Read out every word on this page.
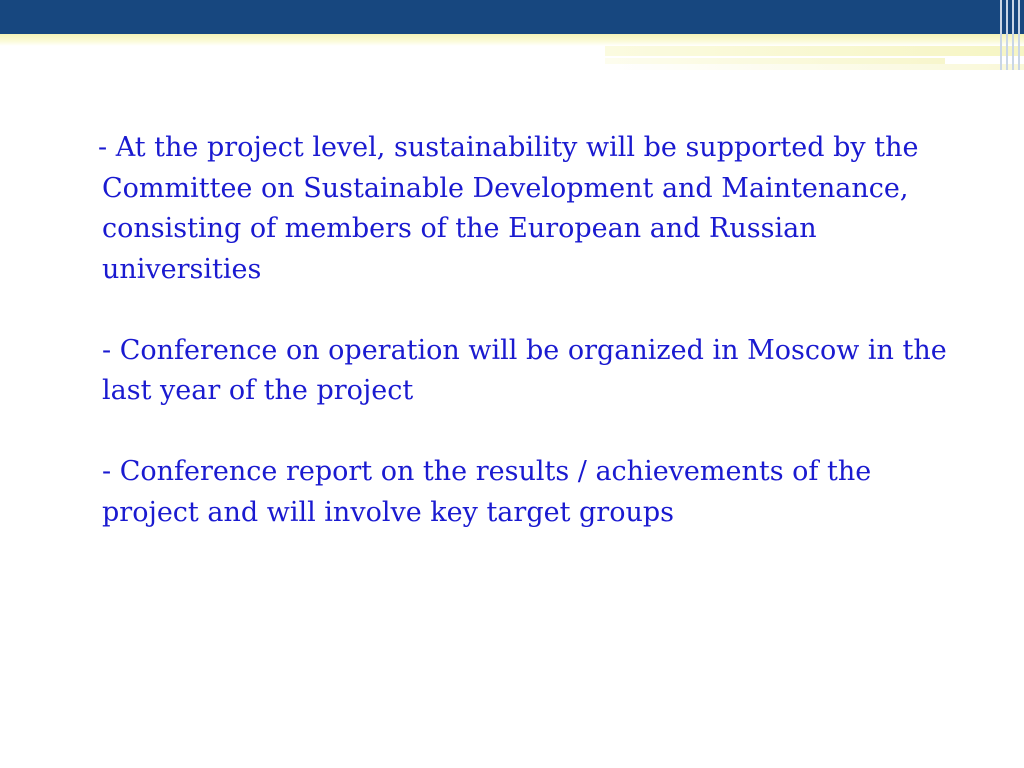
- At the project level, sustainability will be supported by the Committee on Sustainable Development and Maintenance, consisting of members of the European and Russian universities

- Conference on operation will be organized in Moscow in the last year of the project

- Conference report on the results / achievements of the project and will involve key target groups
